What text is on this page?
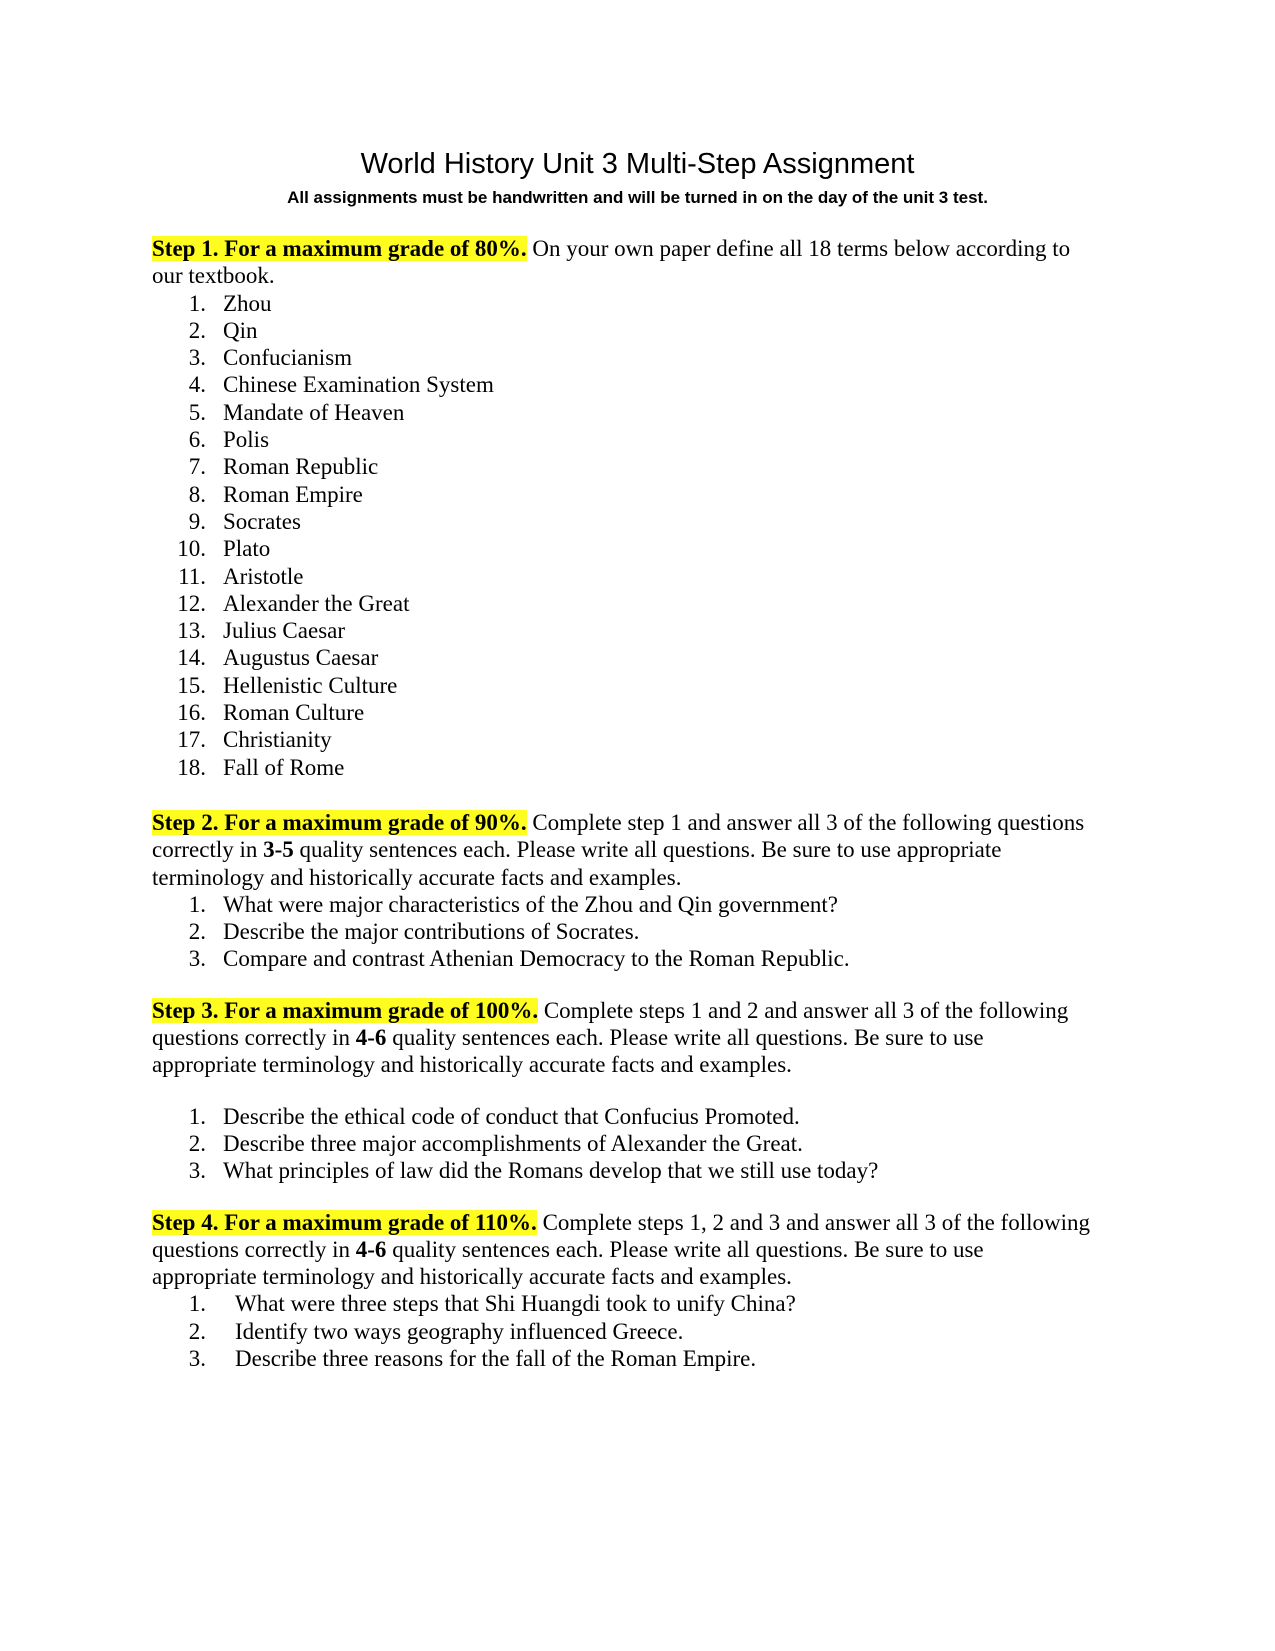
World History Unit 3 Multi-Step Assignment

All assignments must be handwritten and will be turned in on the day of the unit 3 test.

Step 1. For a maximum grade of 80%. On your own paper define all 18 terms below according to our textbook.

1. Zhou
2. Qin
3. Confucianism
4. Chinese Examination System
5. Mandate of Heaven
6. Polis
7. Roman Republic
8. Roman Empire
9. Socrates
10. Plato
11. Aristotle
12. Alexander the Great
13. Julius Caesar
14. Augustus Caesar
15. Hellenistic Culture
16. Roman Culture
17. Christianity
18. Fall of Rome

Step 2. For a maximum grade of 90%. Complete step 1 and answer all 3 of the following questions correctly in 3-5 quality sentences each. Please write all questions. Be sure to use appropriate terminology and historically accurate facts and examples.

1. What were major characteristics of the Zhou and Qin government?
2. Describe the major contributions of Socrates.
3. Compare and contrast Athenian Democracy to the Roman Republic.

Step 3. For a maximum grade of 100%. Complete steps 1 and 2 and answer all 3 of the following questions correctly in 4-6 quality sentences each. Please write all questions. Be sure to use appropriate terminology and historically accurate facts and examples.

1. Describe the ethical code of conduct that Confucius Promoted.
2. Describe three major accomplishments of Alexander the Great.
3. What principles of law did the Romans develop that we still use today?

Step 4. For a maximum grade of 110%. Complete steps 1, 2 and 3 and answer all 3 of the following questions correctly in 4-6 quality sentences each. Please write all questions. Be sure to use appropriate terminology and historically accurate facts and examples.

1. What were three steps that Shi Huangdi took to unify China?
2. Identify two ways geography influenced Greece.
3. Describe three reasons for the fall of the Roman Empire.
